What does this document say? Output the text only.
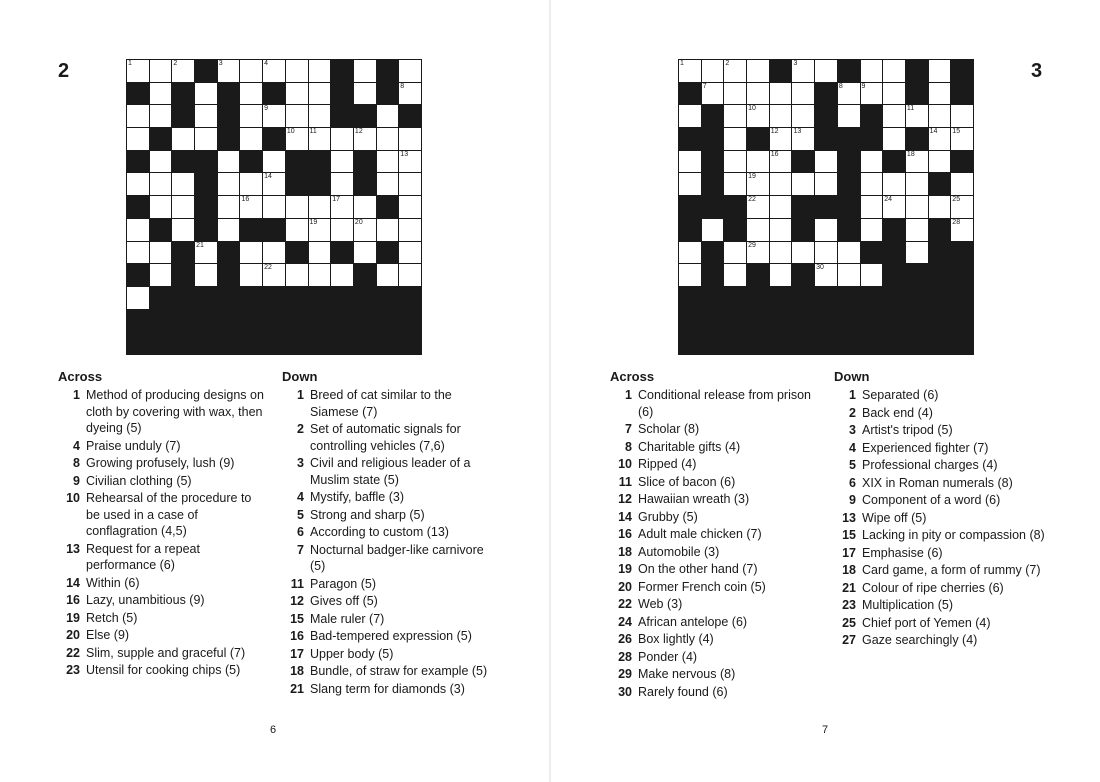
2	1	2	3	4
8
9
10 11	12
13
14
16	17
19	20
21
22
Across
1 Method of producing designs on cloth by covering with wax, then dyeing (5)
4 Praise unduly (7)
8 Growing profusely, lush (9)
9 Civilian clothing (5)
10 Rehearsal of the procedure to be used in a case of conflagration (4,5)
13 Request for a repeat performance (6)
14 Within (6)
16 Lazy, unambitious (9)
19 Retch (5)
20 Else (9)
22 Slim, supple and graceful (7)
23 Utensil for cooking chips (5)
Down
1 Breed of cat similar to the Siamese (7)
2 Set of automatic signals for controlling vehicles (7,6)
3 Civil and religious leader of a Muslim state (5)
4 Mystify, baffle (3)
5 Strong and sharp (5)
6 According to custom (13)
7 Nocturnal badger-like carnivore (5)
11 Paragon (5)
12 Gives off (5)
15 Male ruler (7)
16 Bad-tempered expression (5)
17 Upper body (5)
18 Bundle, of straw for example (5)
21 Slang term for diamonds (3)
6
3
1	2	3
7	8	9
10	11
12 13	14 15
16	18
19
22	24	25
28
29
30
Across
1 Conditional release from prison (6)
7 Scholar (8)
8 Charitable gifts (4)
10 Ripped (4)
11 Slice of bacon (6)
12 Hawaiian wreath (3)
14 Grubby (5)
16 Adult male chicken (7)
18 Automobile (3)
19 On the other hand (7)
20 Former French coin (5)
22 Web (3)
24 African antelope (6)
26 Box lightly (4)
28 Ponder (4)
29 Make nervous (8)
30 Rarely found (6)
Down
1 Separated (6)
2 Back end (4)
3 Artist's tripod (5)
4 Experienced fighter (7)
5 Professional charges (4)
6 XIX in Roman numerals (8)
9 Component of a word (6)
13 Wipe off (5)
15 Lacking in pity or compassion (8)
17 Emphasise (6)
18 Card game, a form of rummy (7)
21 Colour of ripe cherries (6)
23 Multiplication (5)
25 Chief port of Yemen (4)
27 Gaze searchingly (4)
7
